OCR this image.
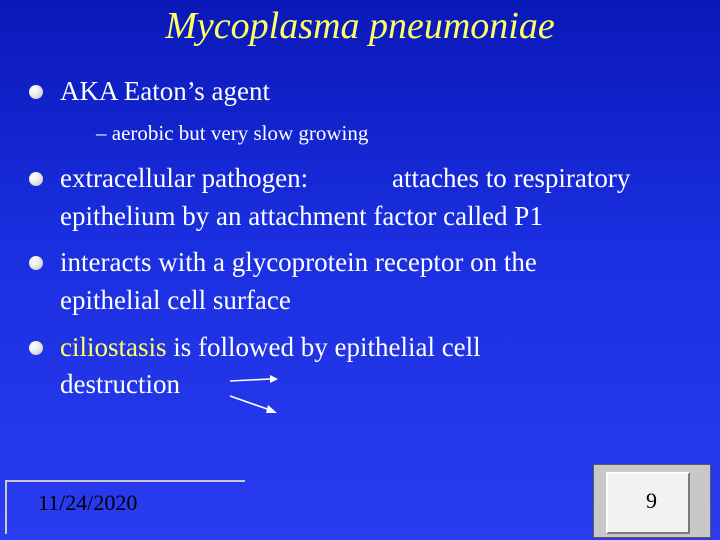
Mycoplasma pneumoniae
AKA Eaton’s agent
– aerobic but very slow growing
extracellular pathogen:	attaches to respiratory
epithelium by an attachment factor called P1
interacts with a glycoprotein receptor on the
epithelial cell surface
ciliostasis is followed by epithelial cell
destruction
11/24/2020	9
